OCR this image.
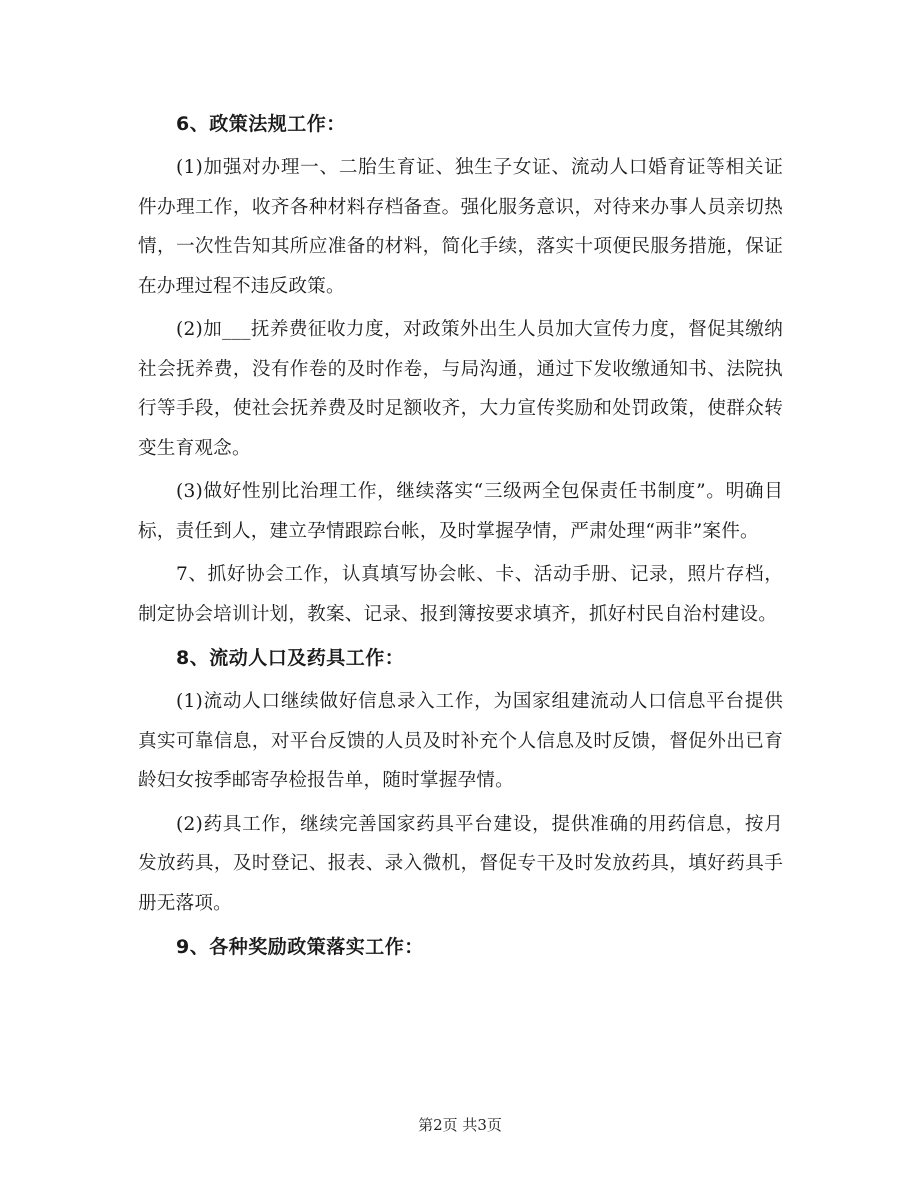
6、政策法规工作：

(1)加强对办理一、二胎生育证、独生子女证、流动人口婚育证等相关证件办理工作，收齐各种材料存档备查。强化服务意识，对待来办事人员亲切热情，一次性告知其所应准备的材料，简化手续，落实十项便民服务措施，保证在办理过程不违反政策。

(2)加___抚养费征收力度，对政策外出生人员加大宣传力度，督促其缴纳社会抚养费，没有作卷的及时作卷，与局沟通，通过下发收缴通知书、法院执行等手段，使社会抚养费及时足额收齐，大力宣传奖励和处罚政策，使群众转变生育观念。

(3)做好性别比治理工作，继续落实“三级两全包保责任书制度”。明确目标，责任到人，建立孕情跟踪台帐，及时掌握孕情，严肃处理“两非”案件。

7、抓好协会工作，认真填写协会帐、卡、活动手册、记录，照片存档，制定协会培训计划，教案、记录、报到簿按要求填齐，抓好村民自治村建设。

8、流动人口及药具工作：

(1)流动人口继续做好信息录入工作，为国家组建流动人口信息平台提供真实可靠信息，对平台反馈的人员及时补充个人信息及时反馈，督促外出已育龄妇女按季邮寄孕检报告单，随时掌握孕情。

(2)药具工作，继续完善国家药具平台建设，提供准确的用药信息，按月发放药具，及时登记、报表、录入微机，督促专干及时发放药具，填好药具手册无落项。

9、各种奖励政策落实工作：
第2页 共3页
